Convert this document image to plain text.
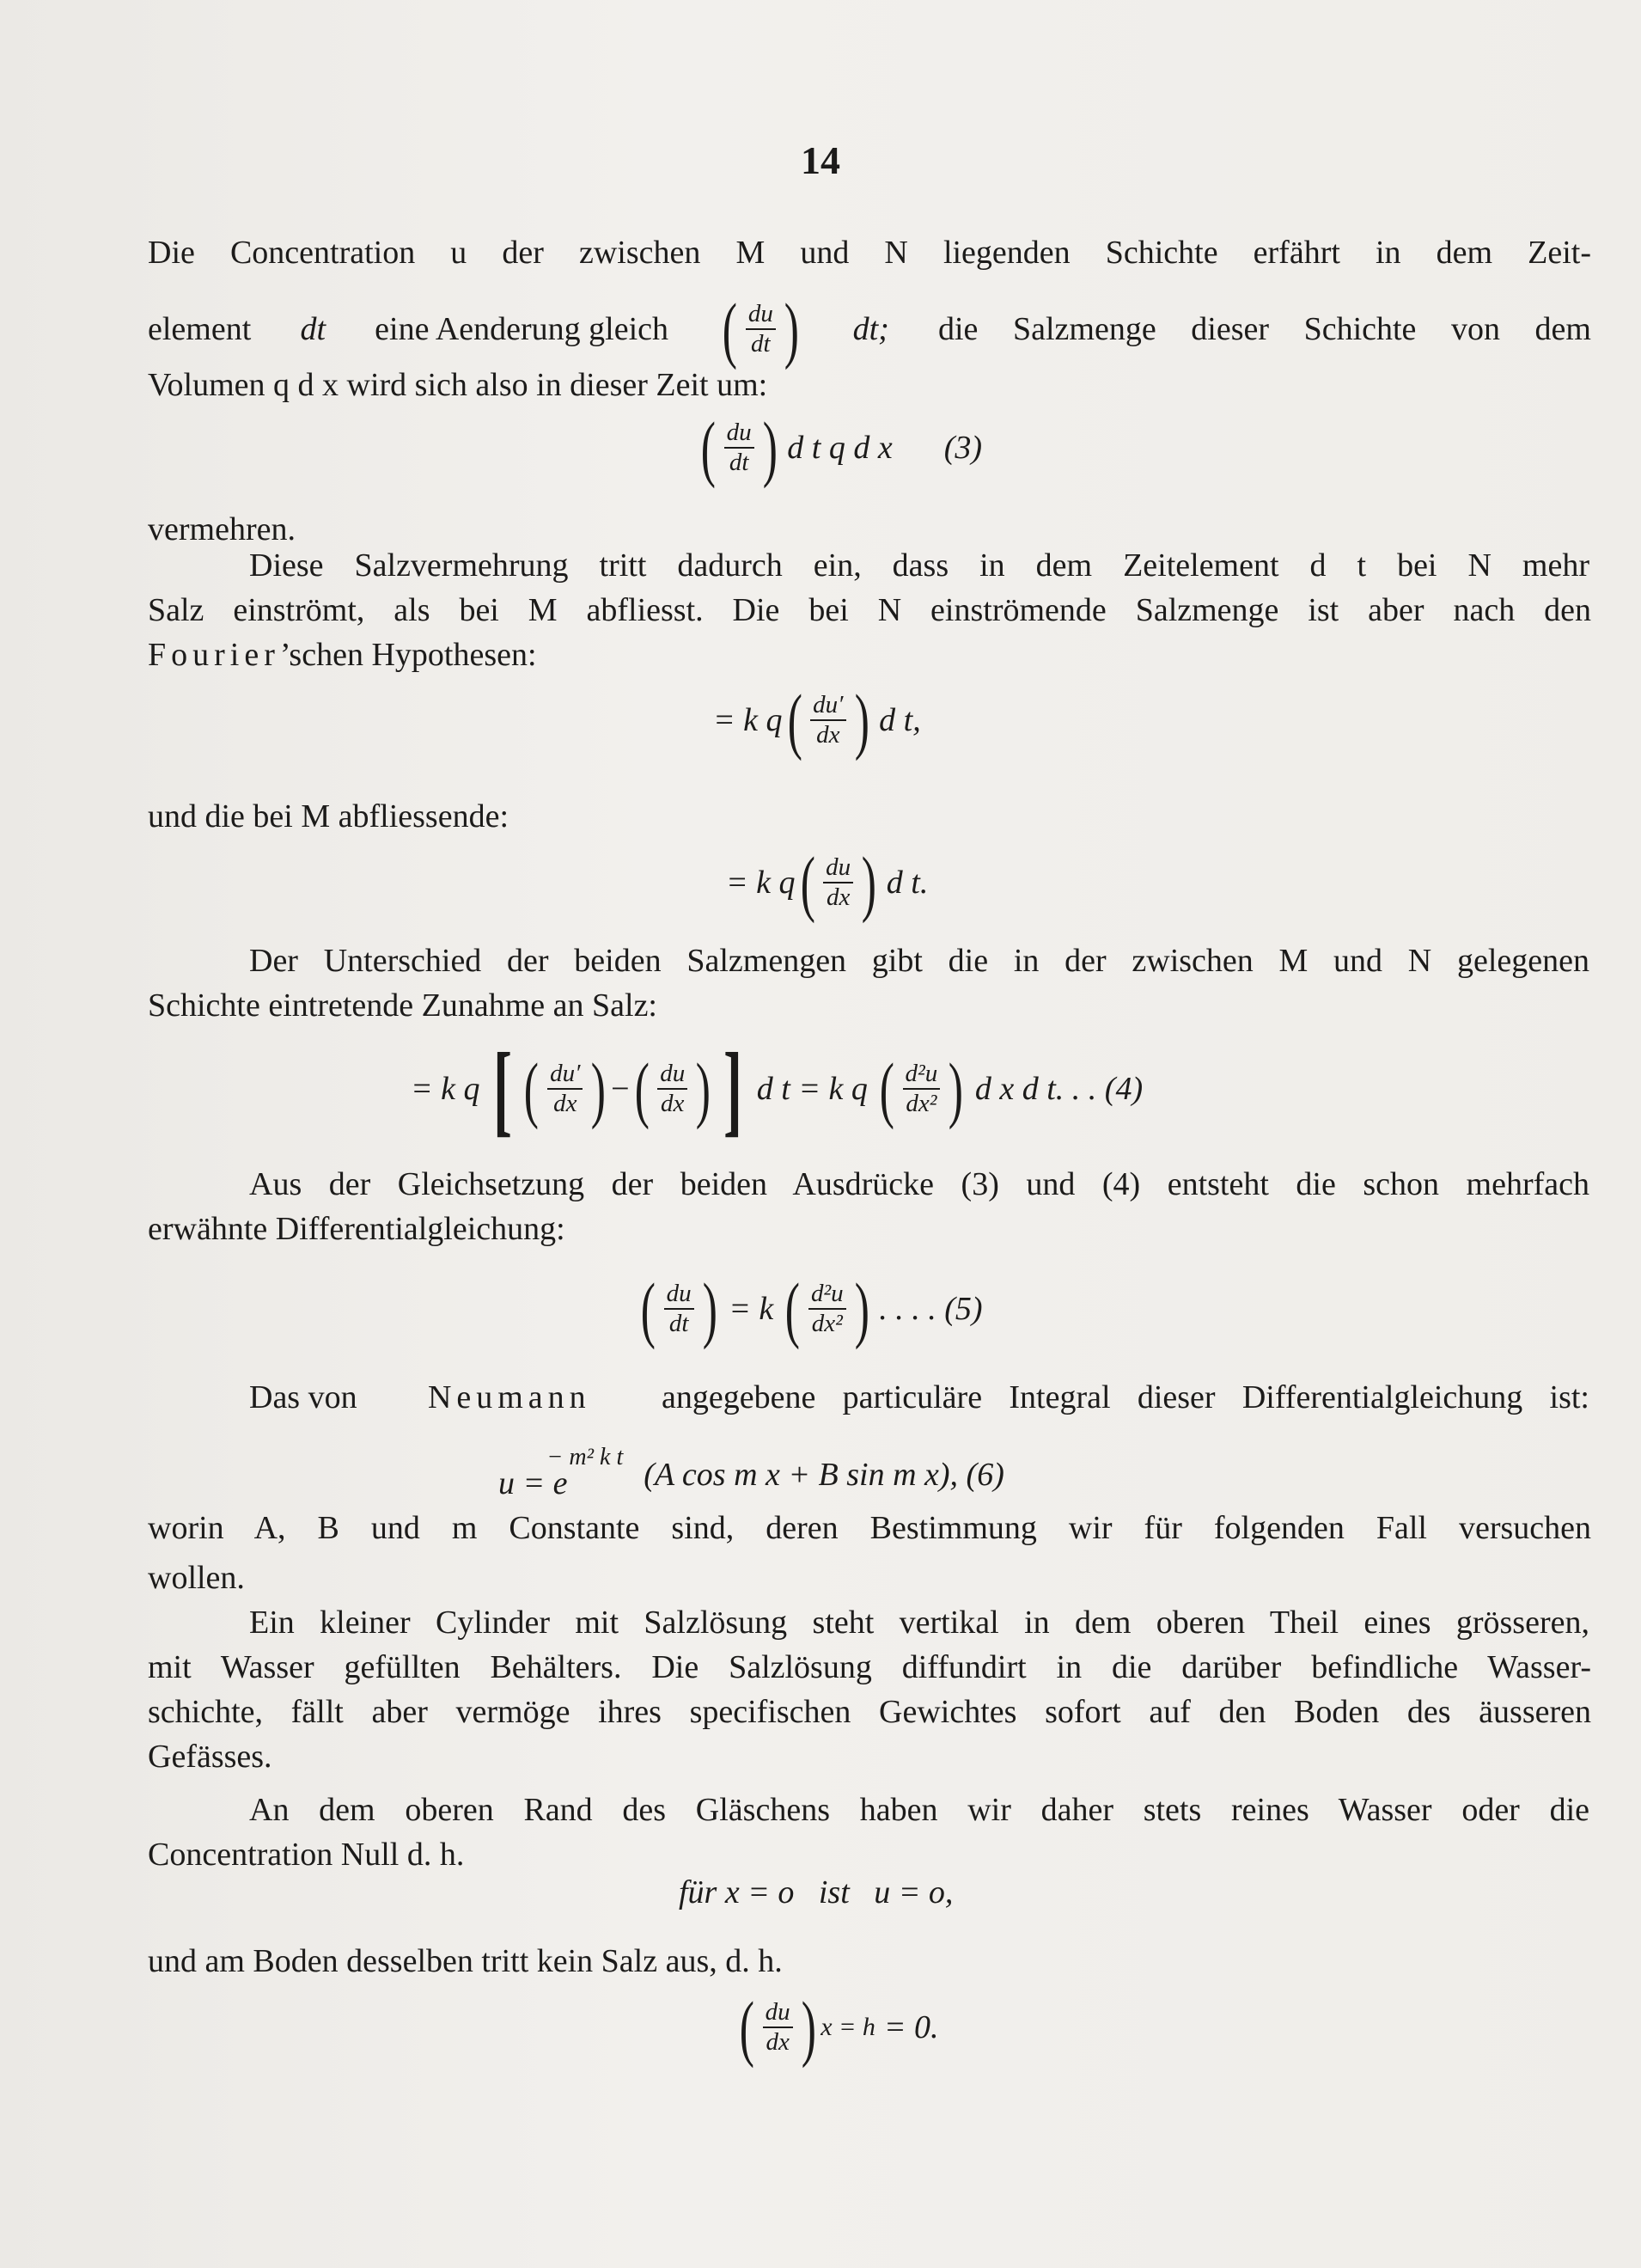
14
Die Concentration u der zwischen M und N liegenden Schichte erfährt in dem Zeit-
element dt eine Aenderung gleich ( $\frac{du}{dt}$ ) dt; die Salzmenge dieser Schichte von dem
Volumen q d x wird sich also in dieser Zeit um:
( $\frac{du}{dt}$ ) d t q d x (3)
vermehren.
Diese Salzvermehrung tritt dadurch ein, dass in dem Zeitelement d t bei N mehr
Salz einströmt, als bei M abfliesst. Die bei N einströmende Salzmenge ist aber nach den
Fourier’schen Hypothesen:
= k q ( $\frac{du'}{dx}$ ) d t,
und die bei M abfliessende:
= k q ( $\frac{du}{dx}$ ) d t.
Der Unterschied der beiden Salzmengen gibt die in der zwischen M und N gelegenen
Schichte eintretende Zunahme an Salz:
= k q [ ( $\frac{du'}{dx}$ ) − ( $\frac{du}{dx}$ ) ] d t = k q ( $\frac{\text{d²u}}{\text{dx²}}$ ) d x d t. . . (4)
Aus der Gleichsetzung der beiden Ausdrücke (3) und (4) entsteht die schon mehrfach
erwähnte Differentialgleichung:
( $\frac{du}{dt}$ ) = k ( $\frac{\text{d²u}}{\text{dx²}}$ ) . . . . (5)
Das von Neumann angegebene particuläre Integral dieser Differentialgleichung ist:
u = e
− m² k t (A cos m x + B sin m x), (6)
worin A, B und m Constante sind, deren Bestimmung wir für folgenden Fall versuchen
wollen.
Ein kleiner Cylinder mit Salzlösung steht vertikal in dem oberen Theil eines grösseren,
mit Wasser gefüllten Behälters. Die Salzlösung diffundirt in die darüber befindliche Wasser-
schichte, fällt aber vermöge ihres specifischen Gewichtes sofort auf den Boden des äusseren
Gefässes.
An dem oberen Rand des Gläschens haben wir daher stets reines Wasser oder die
Concentration Null d. h.
für x = o   ist   u = o,
und am Boden desselben tritt kein Salz aus, d. h.
( $\frac{du}{dx}$ ) x = h = 0.
